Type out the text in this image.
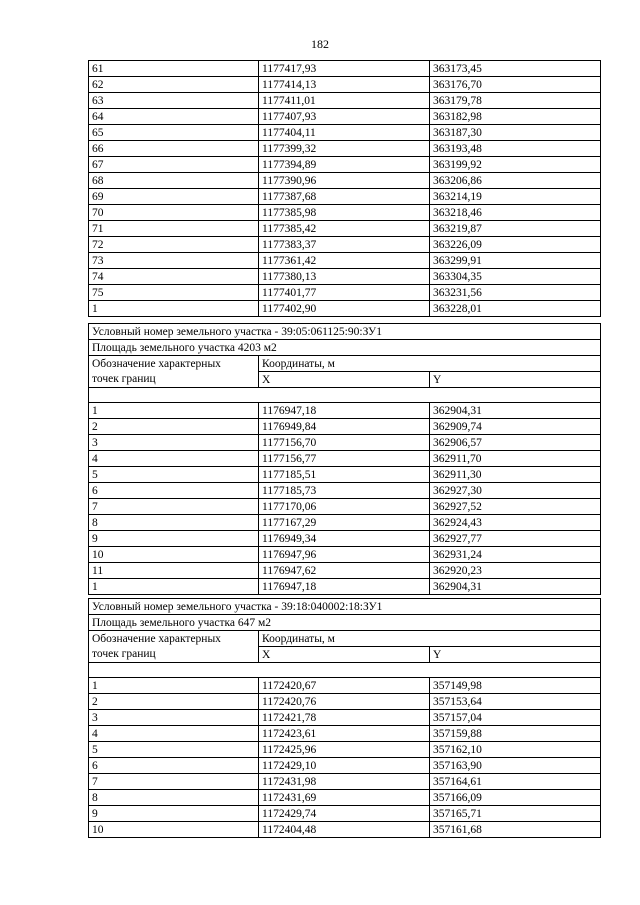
182
61	1177417,93	363173,45
62	1177414,13	363176,70
63	1177411,01	363179,78
64	1177407,93	363182,98
65	1177404,11	363187,30
66	1177399,32	363193,48
67	1177394,89	363199,92
68	1177390,96	363206,86
69	1177387,68	363214,19
70	1177385,98	363218,46
71	1177385,42	363219,87
72	1177383,37	363226,09
73	1177361,42	363299,91
74	1177380,13	363304,35
75	1177401,77	363231,56
1	1177402,90	363228,01
Условный номер земельного участка - 39:05:061125:90:ЗУ1		
Площадь земельного участка 4203 м2		
Обозначение характерных	Координаты, м	
точек границ	X	Y

1	1176947,18	362904,31
2	1176949,84	362909,74
3	1177156,70	362906,57
4	1177156,77	362911,70
5	1177185,51	362911,30
6	1177185,73	362927,30
7	1177170,06	362927,52
8	1177167,29	362924,43
9	1176949,34	362927,77
10	1176947,96	362931,24
11	1176947,62	362920,23
1	1176947,18	362904,31
Условный номер земельного участка - 39:18:040002:18:ЗУ1		
Площадь земельного участка 647 м2		
Обозначение характерных	Координаты, м	
точек границ	X	Y

1	1172420,67	357149,98
2	1172420,76	357153,64
3	1172421,78	357157,04
4	1172423,61	357159,88
5	1172425,96	357162,10
6	1172429,10	357163,90
7	1172431,98	357164,61
8	1172431,69	357166,09
9	1172429,74	357165,71
10	1172404,48	357161,68
